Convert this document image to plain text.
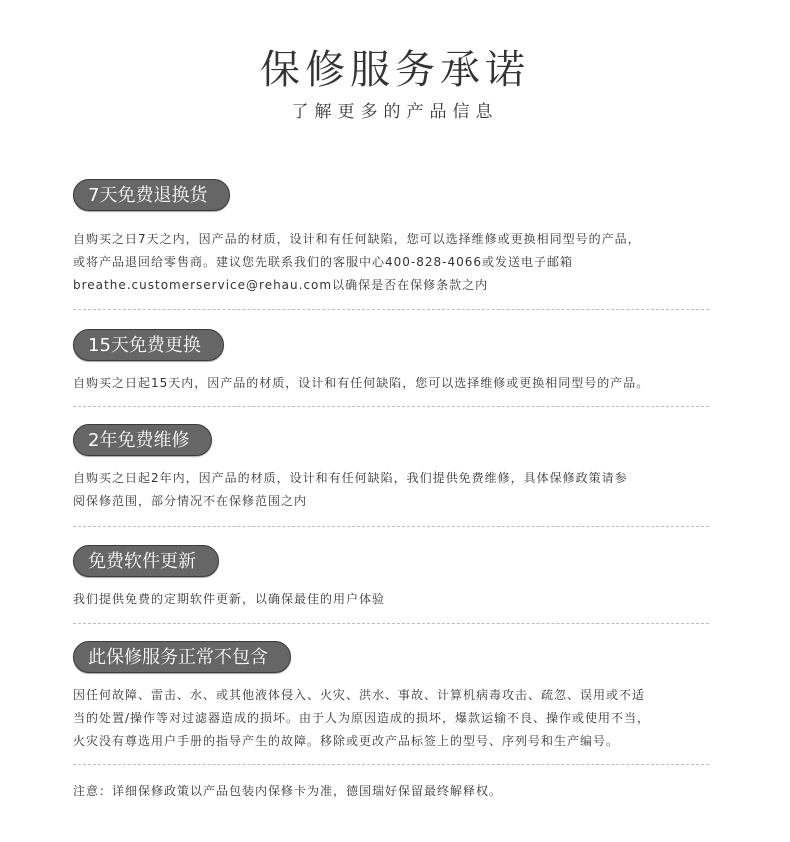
保修服务承诺
了解更多的产品信息
7天免费退换货

自购买之日7天之内，因产品的材质，设计和有任何缺陷，您可以选择维修或更换相同型号的产品，

或将产品退回给零售商。建议您先联系我们的客服中心400-828-4066或发送电子邮箱

breathe.customerservice@rehau.com以确保是否在保修条款之内

15天免费更换

自购买之日起15天内，因产品的材质，设计和有任何缺陷，您可以选择维修或更换相同型号的产品。

2年免费维修

自购买之日起2年内，因产品的材质，设计和有任何缺陷，我们提供免费维修，具体保修政策请参

阅保修范围，部分情况不在保修范围之内

免费软件更新

我们提供免费的定期软件更新，以确保最佳的用户体验

此保修服务正常不包含

因任何故障、雷击、水、或其他液体侵入、火灾、洪水、事故、计算机病毒攻击、疏忽、误用或不适

当的处置/操作等对过滤器造成的损坏。由于人为原因造成的损坏，爆款运输不良、操作或使用不当，

火灾没有尊选用户手册的指导产生的故障。移除或更改产品标签上的型号、序列号和生产编号。

注意：详细保修政策以产品包装内保修卡为准，德国瑞好保留最终解释权。
